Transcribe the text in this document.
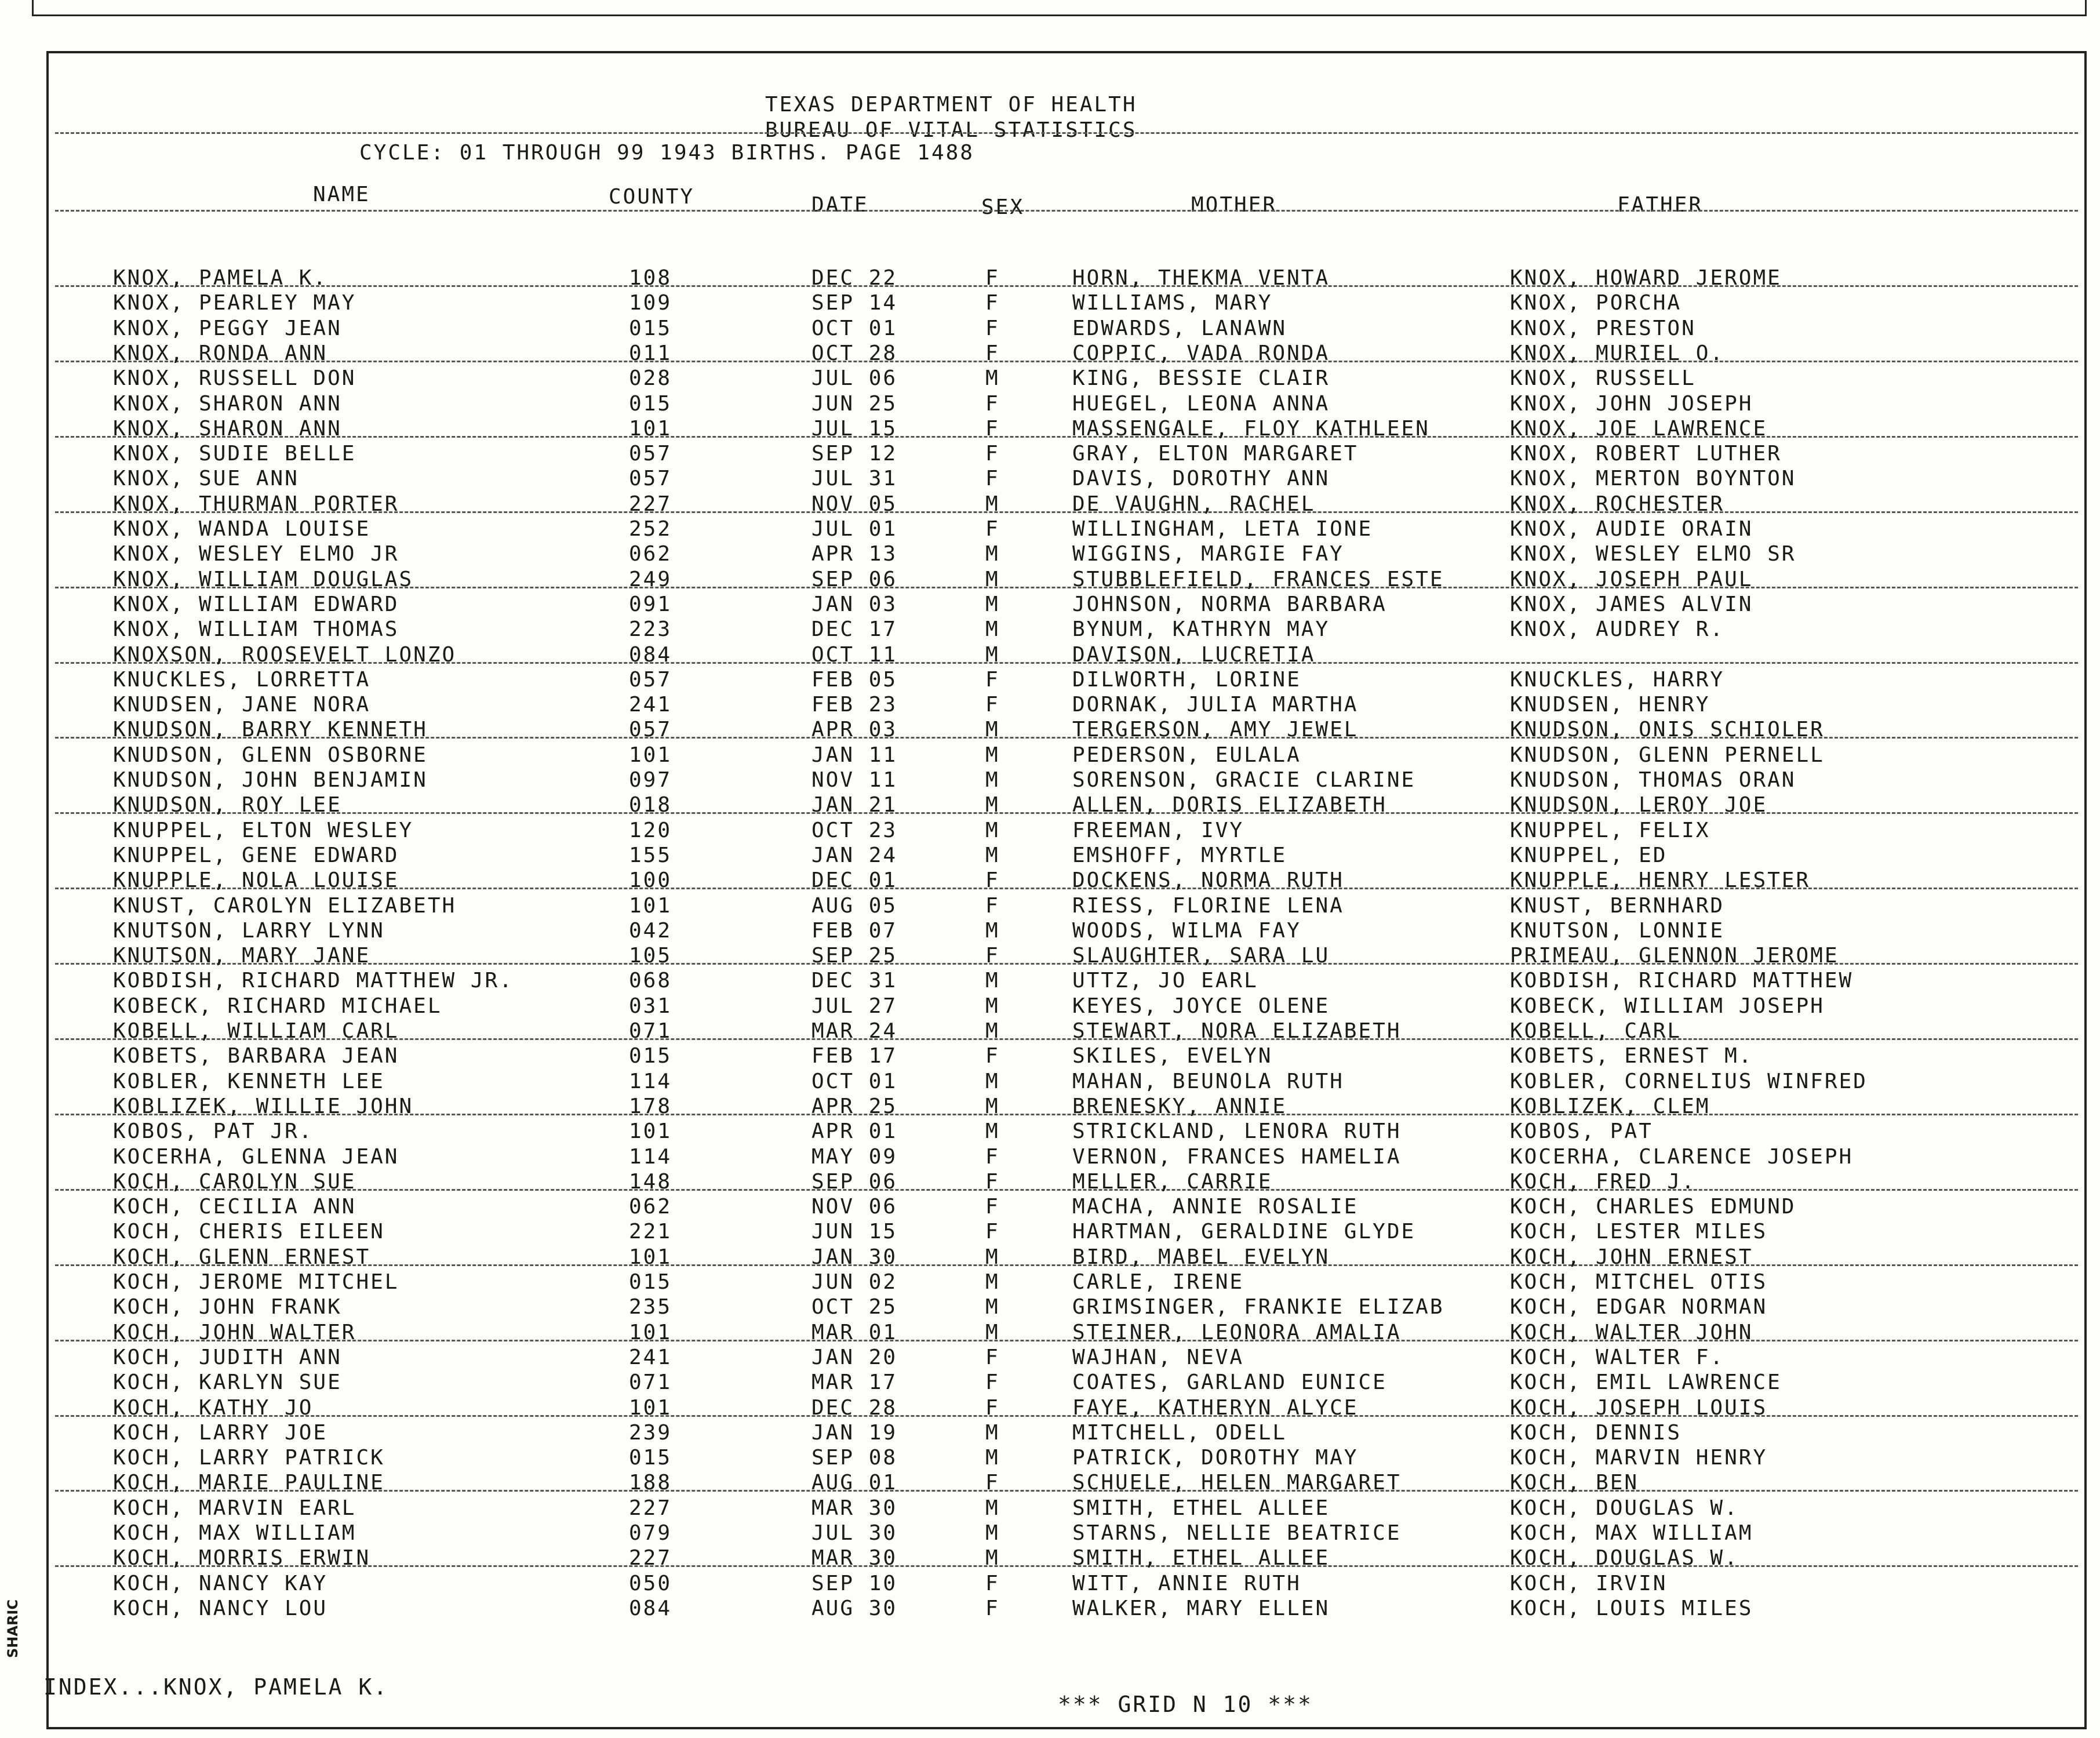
TEXAS DEPARTMENT OF HEALTH
BUREAU OF VITAL STATISTICS
CYCLE: 01 THROUGH 99 1943 BIRTHS. PAGE 1488
NAME	COUNTY	DATE	SEX	MOTHER	FATHER
KNOX, PAMELA K.	108	DEC 22	F	HORN, THEKMA VENTA	KNOX, HOWARD JEROME
KNOX, PEARLEY MAY	109	SEP 14	F	WILLIAMS, MARY	KNOX, PORCHA
KNOX, PEGGY JEAN	015	OCT 01	F	EDWARDS, LANAWN	KNOX, PRESTON
KNOX, RONDA ANN	011	OCT 28	F	COPPIC, VADA RONDA	KNOX, MURIEL O.
KNOX, RUSSELL DON	028	JUL 06	M	KING, BESSIE CLAIR	KNOX, RUSSELL
KNOX, SHARON ANN	015	JUN 25	F	HUEGEL, LEONA ANNA	KNOX, JOHN JOSEPH
KNOX, SHARON ANN	101	JUL 15	F	MASSENGALE, FLOY KATHLEEN	KNOX, JOE LAWRENCE
KNOX, SUDIE BELLE	057	SEP 12	F	GRAY, ELTON MARGARET	KNOX, ROBERT LUTHER
KNOX, SUE ANN	057	JUL 31	F	DAVIS, DOROTHY ANN	KNOX, MERTON BOYNTON
KNOX, THURMAN PORTER	227	NOV 05	M	DE VAUGHN, RACHEL	KNOX, ROCHESTER
KNOX, WANDA LOUISE	252	JUL 01	F	WILLINGHAM, LETA IONE	KNOX, AUDIE ORAIN
KNOX, WESLEY ELMO JR	062	APR 13	M	WIGGINS, MARGIE FAY	KNOX, WESLEY ELMO SR
KNOX, WILLIAM DOUGLAS	249	SEP 06	M	STUBBLEFIELD, FRANCES ESTE	KNOX, JOSEPH PAUL
KNOX, WILLIAM EDWARD	091	JAN 03	M	JOHNSON, NORMA BARBARA	KNOX, JAMES ALVIN
KNOX, WILLIAM THOMAS	223	DEC 17	M	BYNUM, KATHRYN MAY	KNOX, AUDREY R.
KNOXSON, ROOSEVELT LONZO	084	OCT 11	M	DAVISON, LUCRETIA
KNUCKLES, LORRETTA	057	FEB 05	F	DILWORTH, LORINE	KNUCKLES, HARRY
KNUDSEN, JANE NORA	241	FEB 23	F	DORNAK, JULIA MARTHA	KNUDSEN, HENRY
KNUDSON, BARRY KENNETH	057	APR 03	M	TERGERSON, AMY JEWEL	KNUDSON, ONIS SCHIOLER
KNUDSON, GLENN OSBORNE	101	JAN 11	M	PEDERSON, EULALA	KNUDSON, GLENN PERNELL
KNUDSON, JOHN BENJAMIN	097	NOV 11	M	SORENSON, GRACIE CLARINE	KNUDSON, THOMAS ORAN
KNUDSON, ROY LEE	018	JAN 21	M	ALLEN, DORIS ELIZABETH	KNUDSON, LEROY JOE
KNUPPEL, ELTON WESLEY	120	OCT 23	M	FREEMAN, IVY	KNUPPEL, FELIX
KNUPPEL, GENE EDWARD	155	JAN 24	M	EMSHOFF, MYRTLE	KNUPPEL, ED
KNUPPLE, NOLA LOUISE	100	DEC 01	F	DOCKENS, NORMA RUTH	KNUPPLE, HENRY LESTER
KNUST, CAROLYN ELIZABETH	101	AUG 05	F	RIESS, FLORINE LENA	KNUST, BERNHARD
KNUTSON, LARRY LYNN	042	FEB 07	M	WOODS, WILMA FAY	KNUTSON, LONNIE
KNUTSON, MARY JANE	105	SEP 25	F	SLAUGHTER, SARA LU	PRIMEAU, GLENNON JEROME
KOBDISH, RICHARD MATTHEW JR.	068	DEC 31	M	UTTZ, JO EARL	KOBDISH, RICHARD MATTHEW
KOBECK, RICHARD MICHAEL	031	JUL 27	M	KEYES, JOYCE OLENE	KOBECK, WILLIAM JOSEPH
KOBELL, WILLIAM CARL	071	MAR 24	M	STEWART, NORA ELIZABETH	KOBELL, CARL
KOBETS, BARBARA JEAN	015	FEB 17	F	SKILES, EVELYN	KOBETS, ERNEST M.
KOBLER, KENNETH LEE	114	OCT 01	M	MAHAN, BEUNOLA RUTH	KOBLER, CORNELIUS WINFRED
KOBLIZEK, WILLIE JOHN	178	APR 25	M	BRENESKY, ANNIE	KOBLIZEK, CLEM
KOBOS, PAT JR.	101	APR 01	M	STRICKLAND, LENORA RUTH	KOBOS, PAT
KOCERHA, GLENNA JEAN	114	MAY 09	F	VERNON, FRANCES HAMELIA	KOCERHA, CLARENCE JOSEPH
KOCH, CAROLYN SUE	148	SEP 06	F	MELLER, CARRIE	KOCH, FRED J.
KOCH, CECILIA ANN	062	NOV 06	F	MACHA, ANNIE ROSALIE	KOCH, CHARLES EDMUND
KOCH, CHERIS EILEEN	221	JUN 15	F	HARTMAN, GERALDINE GLYDE	KOCH, LESTER MILES
KOCH, GLENN ERNEST	101	JAN 30	M	BIRD, MABEL EVELYN	KOCH, JOHN ERNEST
KOCH, JEROME MITCHEL	015	JUN 02	M	CARLE, IRENE	KOCH, MITCHEL OTIS
KOCH, JOHN FRANK	235	OCT 25	M	GRIMSINGER, FRANKIE ELIZAB	KOCH, EDGAR NORMAN
KOCH, JOHN WALTER	101	MAR 01	M	STEINER, LEONORA AMALIA	KOCH, WALTER JOHN
KOCH, JUDITH ANN	241	JAN 20	F	WAJHAN, NEVA	KOCH, WALTER F.
KOCH, KARLYN SUE	071	MAR 17	F	COATES, GARLAND EUNICE	KOCH, EMIL LAWRENCE
KOCH, KATHY JO	101	DEC 28	F	FAYE, KATHERYN ALYCE	KOCH, JOSEPH LOUIS
KOCH, LARRY JOE	239	JAN 19	M	MITCHELL, ODELL	KOCH, DENNIS
KOCH, LARRY PATRICK	015	SEP 08	M	PATRICK, DOROTHY MAY	KOCH, MARVIN HENRY
KOCH, MARIE PAULINE	188	AUG 01	F	SCHUELE, HELEN MARGARET	KOCH, BEN
KOCH, MARVIN EARL	227	MAR 30	M	SMITH, ETHEL ALLEE	KOCH, DOUGLAS W.
KOCH, MAX WILLIAM	079	JUL 30	M	STARNS, NELLIE BEATRICE	KOCH, MAX WILLIAM
KOCH, MORRIS ERWIN	227	MAR 30	M	SMITH, ETHEL ALLEE	KOCH, DOUGLAS W.
KOCH, NANCY KAY	050	SEP 10	F	WITT, ANNIE RUTH	KOCH, IRVIN
KOCH, NANCY LOU	084	AUG 30	F	WALKER, MARY ELLEN	KOCH, LOUIS MILES
SHARIC
INDEX...KNOX, PAMELA K.
*** GRID N 10 ***
